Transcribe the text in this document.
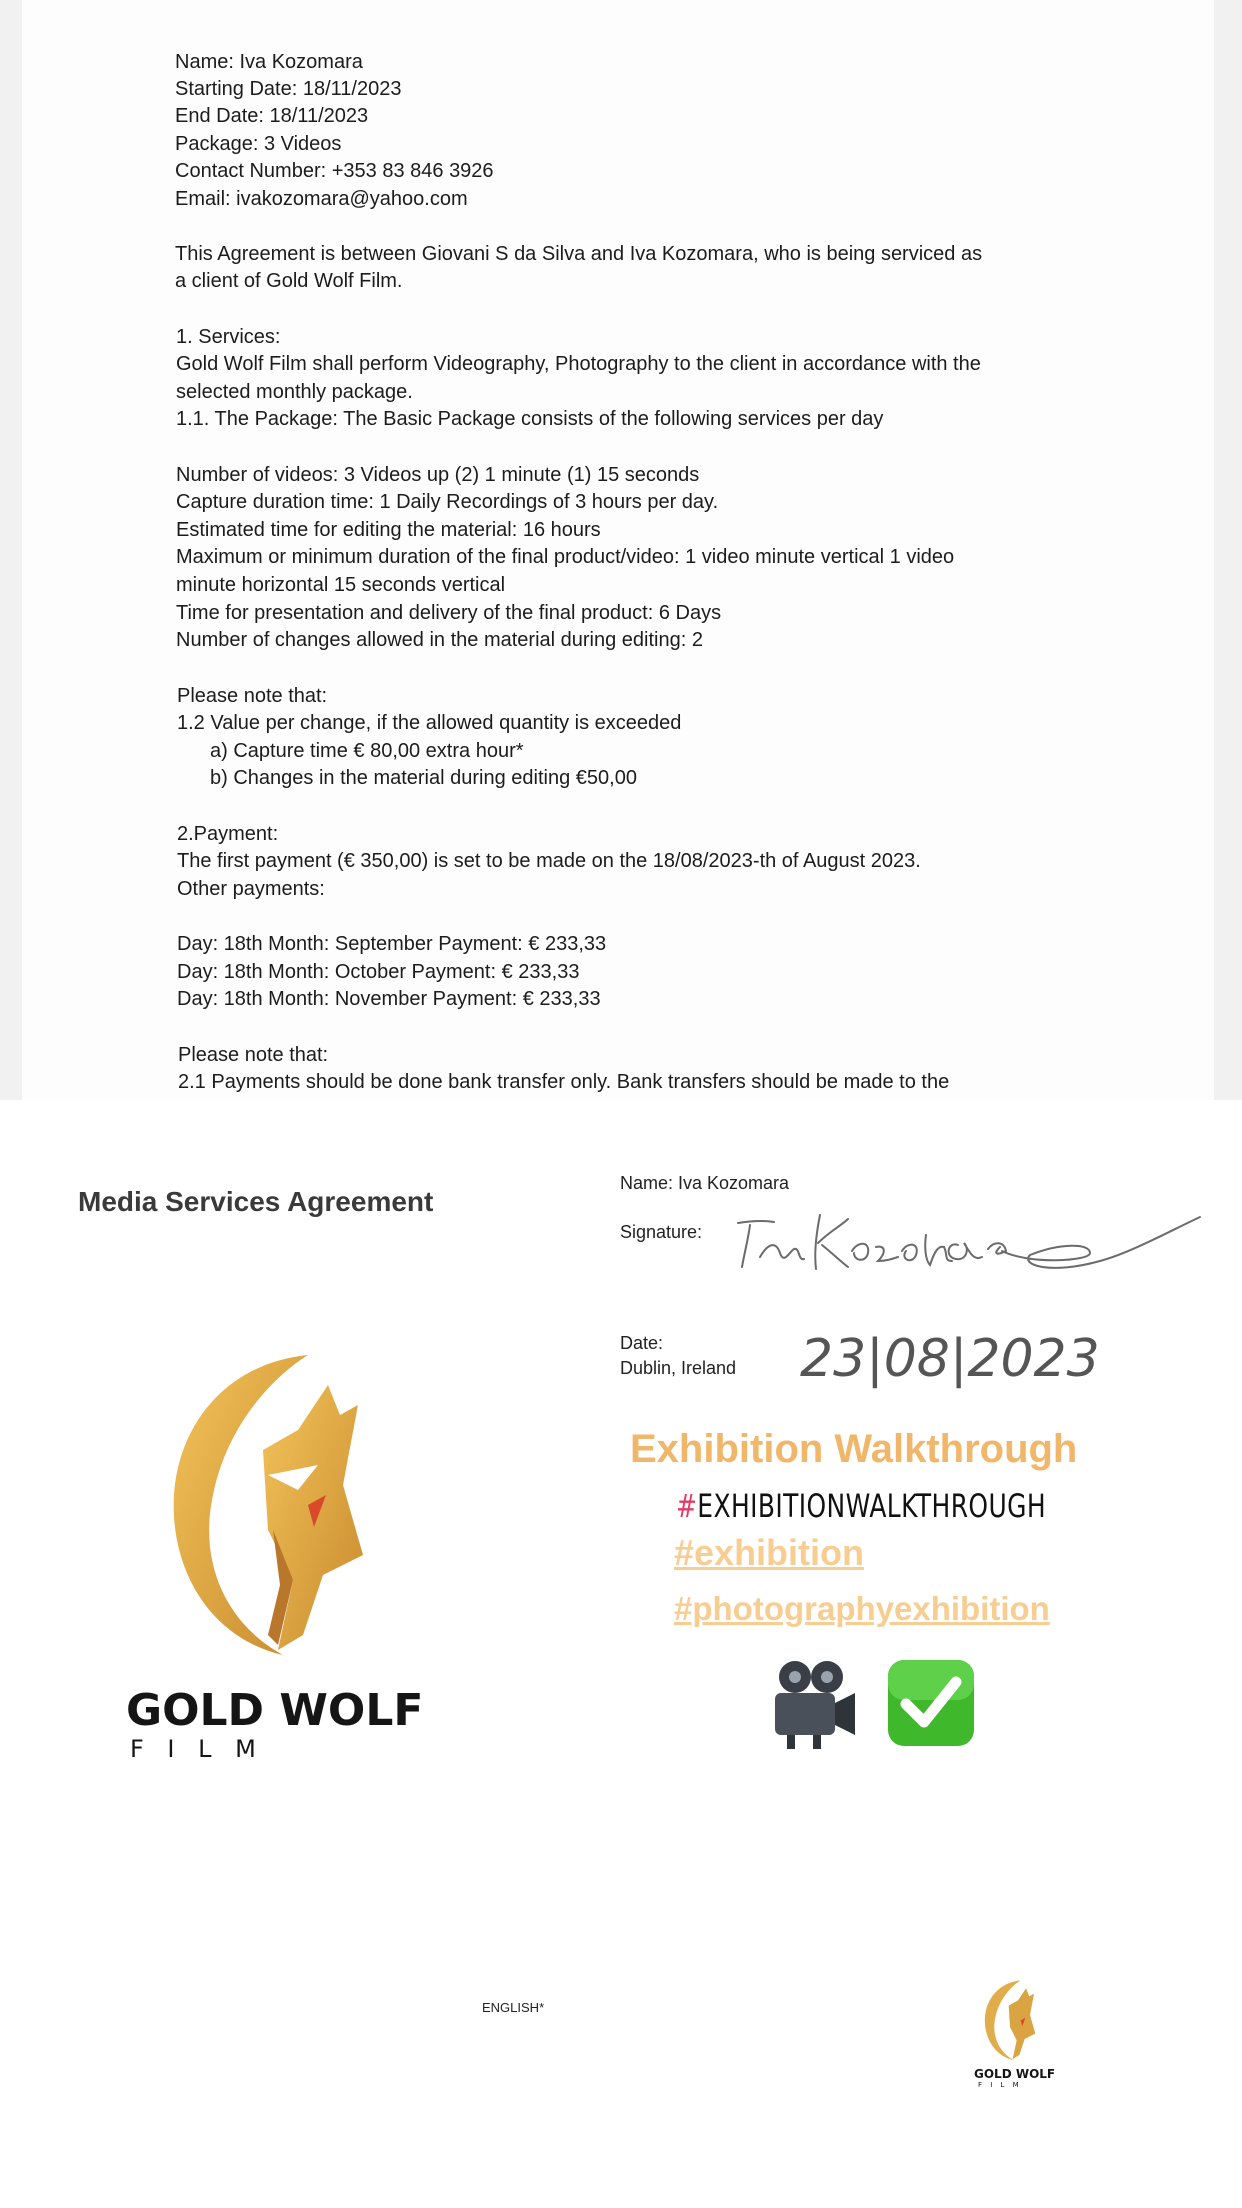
Name: Iva Kozomara
Starting Date: 18/11/2023
End Date: 18/11/2023
Package: 3 Videos
Contact Number: +353 83 846 3926
Email: ivakozomara@yahoo.com
This Agreement is between Giovani S da Silva and Iva Kozomara, who is being serviced as
a client of Gold Wolf Film.
1. Services:
Gold Wolf Film shall perform Videography, Photography to the client in accordance with the
selected monthly package.
1.1. The Package: The Basic Package consists of the following services per day
Number of videos: 3 Videos up (2) 1 minute (1) 15 seconds
Capture duration time: 1 Daily Recordings of 3 hours per day.
Estimated time for editing the material: 16 hours
Maximum or minimum duration of the final product/video: 1 video minute vertical 1 video
minute horizontal 15 seconds vertical
Time for presentation and delivery of the final product: 6 Days
Number of changes allowed in the material during editing: 2
Please note that:
1.2 Value per change, if the allowed quantity is exceeded
a) Capture time € 80,00 extra hour*
b) Changes in the material during editing €50,00
2.Payment:
The first payment (€ 350,00) is set to be made on the 18/08/2023-th of August 2023.
Other payments:
Day: 18th Month: September Payment: € 233,33
Day: 18th Month: October Payment: € 233,33
Day: 18th Month: November Payment: € 233,33
Please note that:
2.1 Payments should be done bank transfer only. Bank transfers should be made to the
Media Services Agreement
Name: Iva Kozomara
Signature:
Date:
Dublin, Ireland 23|08|2023
GOLD WOLF
F I L M
Exhibition Walkthrough
#EXHIBITIONWALKTHROUGH
#exhibition
#photographyexhibition
ENGLISH*
GOLD WOLF
F I L M
